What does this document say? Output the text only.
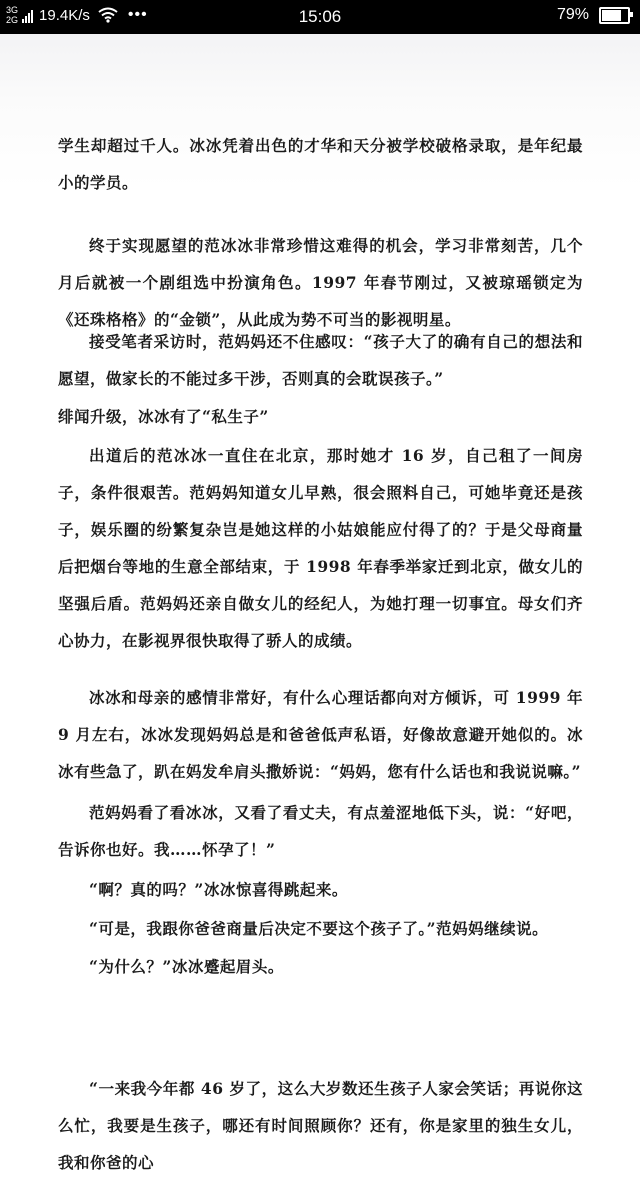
3G
2G 19.4K/s •••	15:06	79%

学生却超过千人。冰冰凭着出色的才华和天分被学校破格录取，是年纪最小的学员。

终于实现愿望的范冰冰非常珍惜这难得的机会，学习非常刻苦，几个月后就被一个剧组选中扮演角色。1997 年春节刚过，又被琼瑶锁定为《还珠格格》的“金锁”，从此成为势不可当的影视明星。

接受笔者采访时，范妈妈还不住感叹：“孩子大了的确有自己的想法和愿望，做家长的不能过多干涉，否则真的会耽误孩子。”

绯闻升级，冰冰有了“私生子”

出道后的范冰冰一直住在北京，那时她才 16 岁，自己租了一间房子，条件很艰苦。范妈妈知道女儿早熟，很会照料自己，可她毕竟还是孩子，娱乐圈的纷繁复杂岂是她这样的小姑娘能应付得了的？于是父母商量后把烟台等地的生意全部结束，于 1998 年春季举家迁到北京，做女儿的坚强后盾。范妈妈还亲自做女儿的经纪人，为她打理一切事宜。母女们齐心协力，在影视界很快取得了骄人的成绩。

冰冰和母亲的感情非常好，有什么心理话都向对方倾诉，可 1999 年 9 月左右，冰冰发现妈妈总是和爸爸低声私语，好像故意避开她似的。冰冰有些急了，趴在妈发牟肩头撒娇说：“妈妈，您有什么话也和我说说嘛。”

范妈妈看了看冰冰，又看了看丈夫，有点羞涩地低下头，说：“好吧，告诉你也好。我……怀孕了！”

“啊？真的吗？”冰冰惊喜得跳起来。

“可是，我跟你爸爸商量后决定不要这个孩子了。”范妈妈继续说。

“为什么？”冰冰蹙起眉头。

“一来我今年都 46 岁了，这么大岁数还生孩子人家会笑话；再说你这么忙，我要是生孩子，哪还有时间照顾你？还有，你是家里的独生女儿，我和你爸的心
